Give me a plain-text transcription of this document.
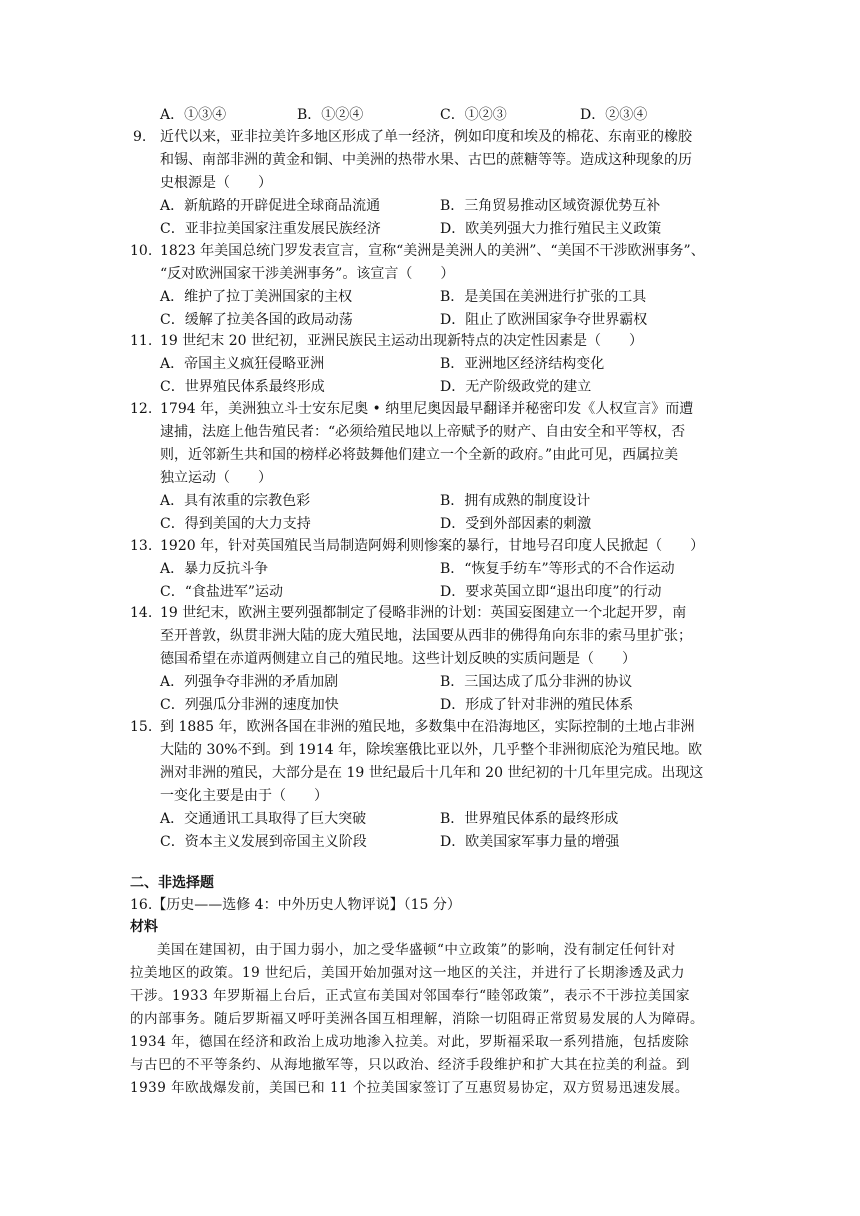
A．①③④	B．①②④	C．①②③	D．②③④
9. 近代以来，亚非拉美许多地区形成了单一经济，例如印度和埃及的棉花、东南亚的橡胶
和锡、南部非洲的黄金和铜、中美洲的热带水果、古巴的蔗糖等等。造成这种现象的历
史根源是（　　）
A．新航路的开辟促进全球商品流通	B．三角贸易推动区域资源优势互补
C．亚非拉美国家注重发展民族经济	D．欧美列强大力推行殖民主义政策
10. 1823 年美国总统门罗发表宣言，宣称“美洲是美洲人的美洲”、“美国不干涉欧洲事务”、
“反对欧洲国家干涉美洲事务”。该宣言（　　）
A．维护了拉丁美洲国家的主权	B．是美国在美洲进行扩张的工具
C．缓解了拉美各国的政局动荡	D．阻止了欧洲国家争夺世界霸权
11. 19 世纪末 20 世纪初，亚洲民族民主运动出现新特点的决定性因素是（　　）
A．帝国主义疯狂侵略亚洲	B．亚洲地区经济结构变化
C．世界殖民体系最终形成	D．无产阶级政党的建立
12. 1794 年，美洲独立斗士安东尼奥 • 纳里尼奥因最早翻译并秘密印发《人权宣言》而遭
逮捕，法庭上他告殖民者：“必须给殖民地以上帝赋予的财产、自由安全和平等权，否
则，近邻新生共和国的榜样必将鼓舞他们建立一个全新的政府。”由此可见，西属拉美
独立运动（　　）
A．具有浓重的宗教色彩	B．拥有成熟的制度设计
C．得到美国的大力支持	D．受到外部因素的刺激
13. 1920 年，针对英国殖民当局制造阿姆利则惨案的暴行，甘地号召印度人民掀起（　　）
A．暴力反抗斗争	B．“恢复手纺车”等形式的不合作运动
C．“食盐进军”运动	D．要求英国立即“退出印度”的行动
14. 19 世纪末，欧洲主要列强都制定了侵略非洲的计划：英国妄图建立一个北起开罗，南
至开普敦，纵贯非洲大陆的庞大殖民地，法国要从西非的佛得角向东非的索马里扩张；
德国希望在赤道两侧建立自己的殖民地。这些计划反映的实质问题是（　　）
A．列强争夺非洲的矛盾加剧	B．三国达成了瓜分非洲的协议
C．列强瓜分非洲的速度加快	D．形成了针对非洲的殖民体系
15. 到 1885 年，欧洲各国在非洲的殖民地，多数集中在沿海地区，实际控制的土地占非洲
大陆的 30%不到。到 1914 年，除埃塞俄比亚以外，几乎整个非洲彻底沦为殖民地。欧
洲对非洲的殖民，大部分是在 19 世纪最后十几年和 20 世纪初的十几年里完成。出现这
一变化主要是由于（　　）
A．交通通讯工具取得了巨大突破	B．世界殖民体系的最终形成
C．资本主义发展到帝国主义阶段	D．欧美国家军事力量的增强
二、非选择题
16.【历史——选修 4：中外历史人物评说】（15 分）
材料
美国在建国初，由于国力弱小，加之受华盛顿“中立政策”的影响，没有制定任何针对
拉美地区的政策。19 世纪后，美国开始加强对这一地区的关注，并进行了长期渗透及武力
干涉。1933 年罗斯福上台后，正式宣布美国对邻国奉行“睦邻政策”，表示不干涉拉美国家
的内部事务。随后罗斯福又呼吁美洲各国互相理解，消除一切阻碍正常贸易发展的人为障碍。
1934 年，德国在经济和政治上成功地渗入拉美。对此，罗斯福采取一系列措施，包括废除
与古巴的不平等条约、从海地撤军等，只以政治、经济手段维护和扩大其在拉美的利益。到
1939 年欧战爆发前，美国已和 11 个拉美国家签订了互惠贸易协定，双方贸易迅速发展。
